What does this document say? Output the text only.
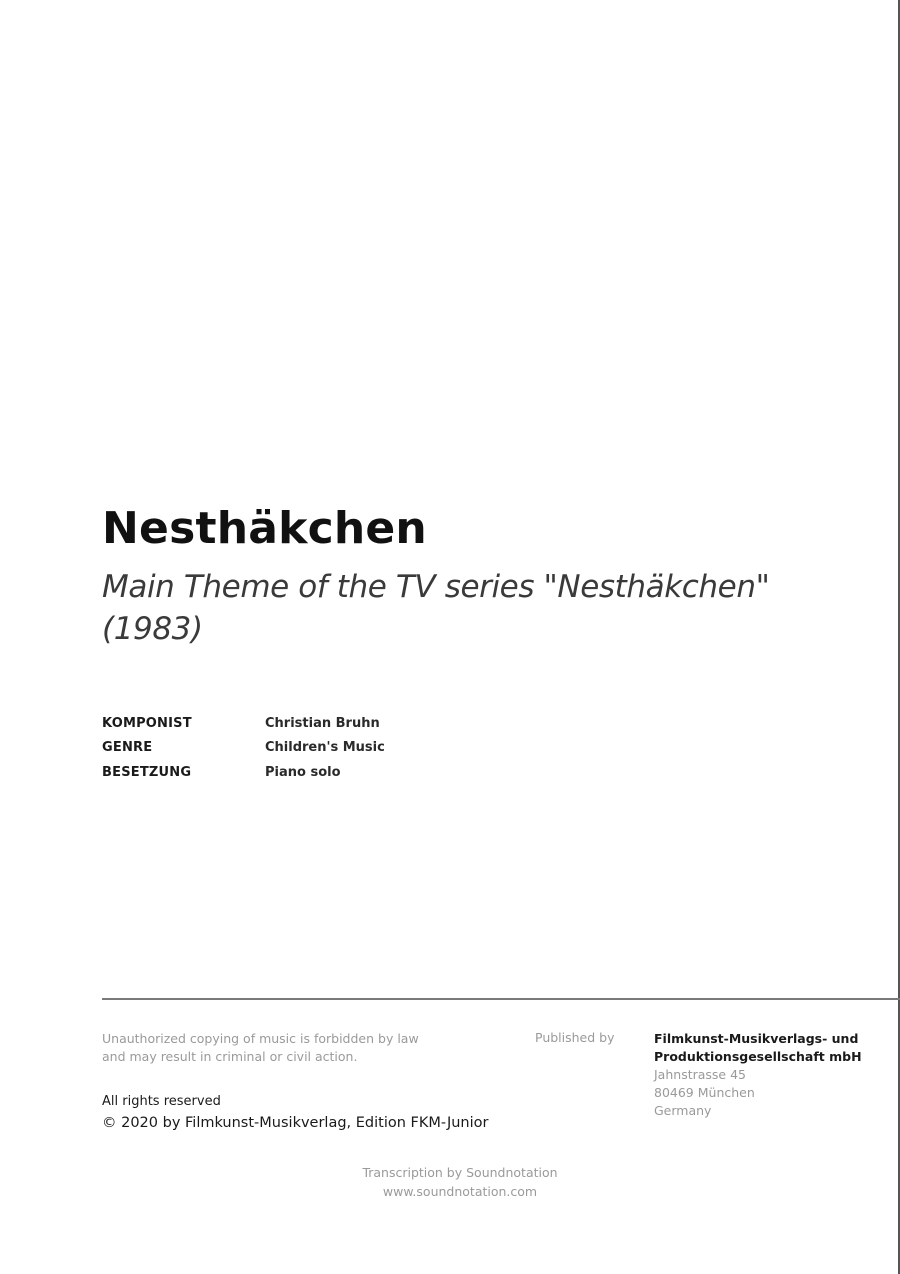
Nesthäkchen
Main Theme of the TV series "Nesthäkchen" (1983)
KOMPONIST	Christian Bruhn
GENRE	Children's Music
BESETZUNG	Piano solo
Unauthorized copying of music is forbidden by law
and may result in criminal or civil action.
All rights reserved
© 2020 by Filmkunst-Musikverlag, Edition FKM-Junior
Published by	Filmkunst-Musikverlags- und
Produktionsgesellschaft mbH
Jahnstrasse 45
80469 München
Germany
Transcription by Soundnotation
www.soundnotation.com
